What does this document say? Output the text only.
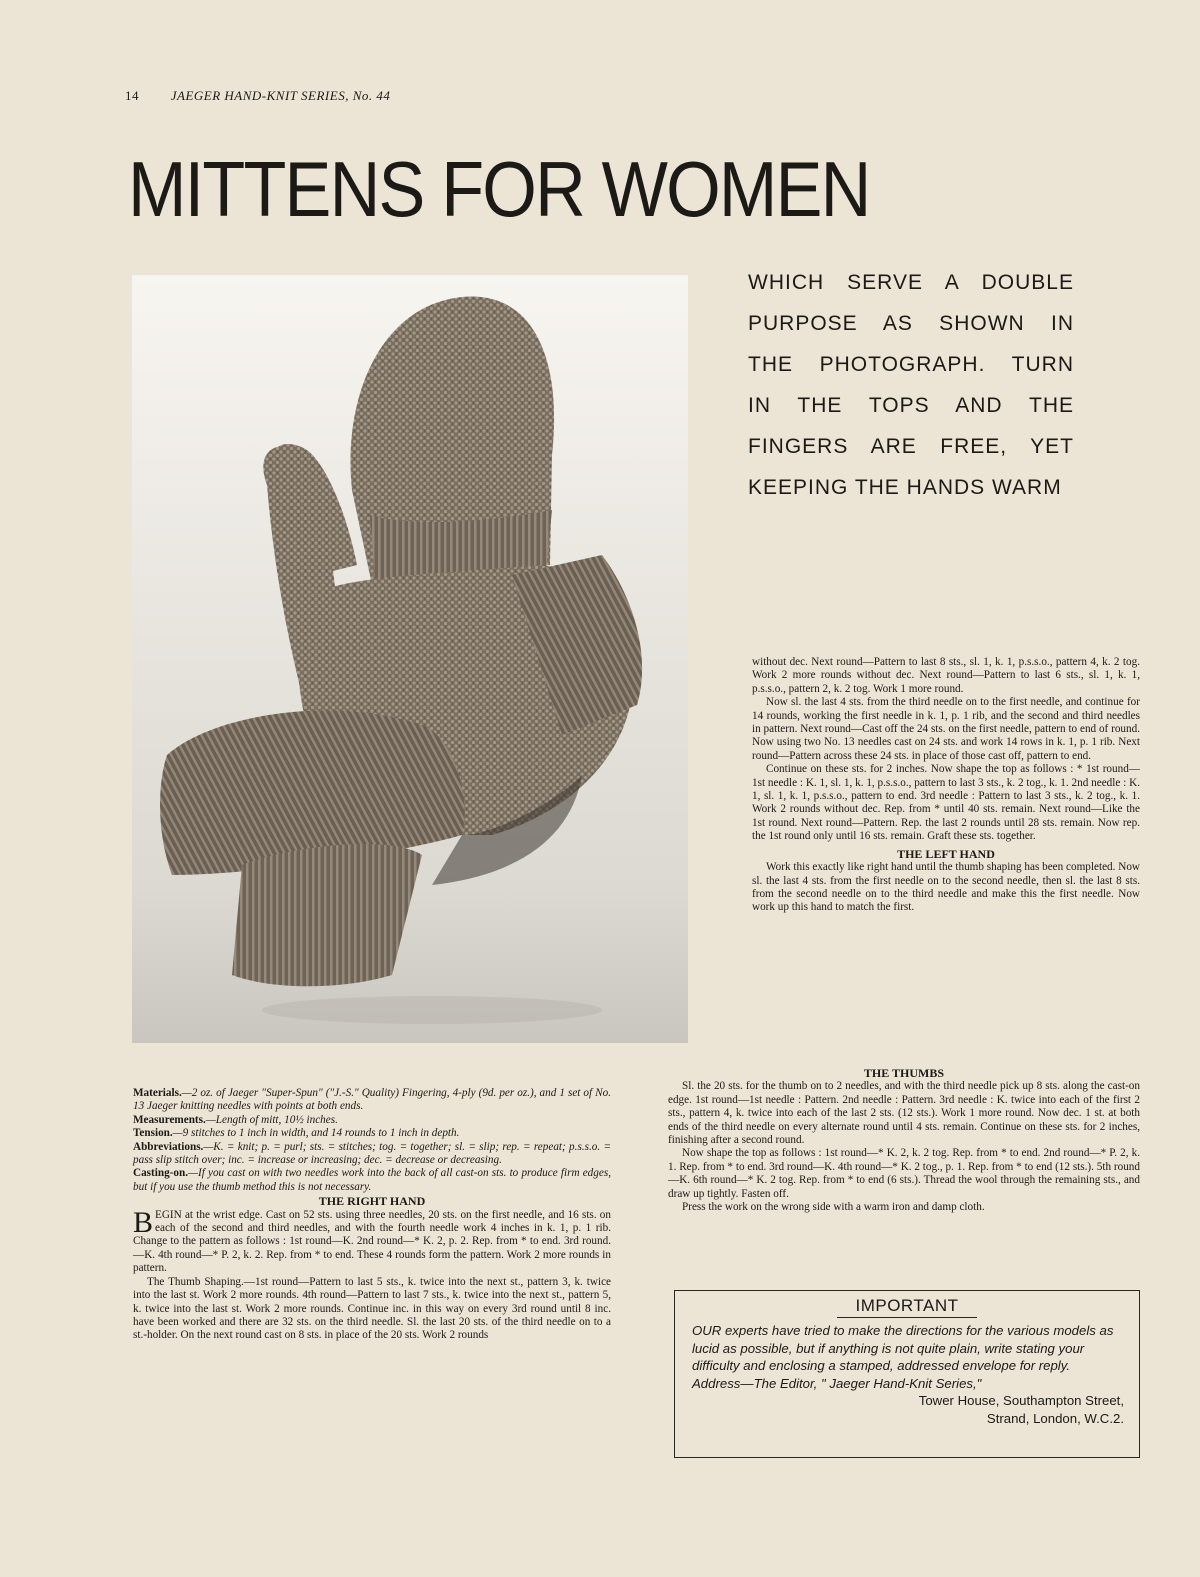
14 JAEGER HAND-KNIT SERIES, No. 44
MITTENS FOR WOMEN
WHICH SERVE A DOUBLE
PURPOSE AS SHOWN IN
THE PHOTOGRAPH. TURN
IN THE TOPS AND THE
FINGERS ARE FREE, YET
KEEPING THE HANDS WARM

Materials.—2 oz. of Jaeger "Super-Spun" ("J.-S." Quality) Fingering, 4-ply (9d. per oz.), and 1 set of No. 13 Jaeger knitting needles with points at both ends.

Measurements.—Length of mitt, 10½ inches.

Tension.—9 stitches to 1 inch in width, and 14 rounds to 1 inch in depth.

Abbreviations.—K. = knit; p. = purl; sts. = stitches; tog. = together; sl. = slip; rep. = repeat; p.s.s.o. = pass slip stitch over; inc. = increase or increasing; dec. = decrease or decreasing.

Casting-on.—If you cast on with two needles work into the back of all cast-on sts. to produce firm edges, but if you use the thumb method this is not necessary.

THE RIGHT HAND

BEGIN at the wrist edge. Cast on 52 sts. using three needles, 20 sts. on the first needle, and 16 sts. on each of the second and third needles, and with the fourth needle work 4 inches in k. 1, p. 1 rib. Change to the pattern as follows : 1st round—K. 2nd round—* K. 2, p. 2. Rep. from * to end. 3rd round.—K. 4th round—* P. 2, k. 2. Rep. from * to end. These 4 rounds form the pattern. Work 2 more rounds in pattern.

The Thumb Shaping.—1st round—Pattern to last 5 sts., k. twice into the next st., pattern 3, k. twice into the last st. Work 2 more rounds. 4th round—Pattern to last 7 sts., k. twice into the next st., pattern 5, k. twice into the last st. Work 2 more rounds. Continue inc. in this way on every 3rd round until 8 inc. have been worked and there are 32 sts. on the third needle. Sl. the last 20 sts. of the third needle on to a st.-holder. On the next round cast on 8 sts. in place of the 20 sts. Work 2 rounds

without dec. Next round—Pattern to last 8 sts., sl. 1, k. 1, p.s.s.o., pattern 4, k. 2 tog. Work 2 more rounds without dec. Next round—Pattern to last 6 sts., sl. 1, k. 1, p.s.s.o., pattern 2, k. 2 tog. Work 1 more round.

Now sl. the last 4 sts. from the third needle on to the first needle, and continue for 14 rounds, working the first needle in k. 1, p. 1 rib, and the second and third needles in pattern. Next round—Cast off the 24 sts. on the first needle, pattern to end of round. Now using two No. 13 needles cast on 24 sts. and work 14 rows in k. 1, p. 1 rib. Next round—Pattern across these 24 sts. in place of those cast off, pattern to end.

Continue on these sts. for 2 inches. Now shape the top as follows : * 1st round—1st needle : K. 1, sl. 1, k. 1, p.s.s.o., pattern to last 3 sts., k. 2 tog., k. 1. 2nd needle : K. 1, sl. 1, k. 1, p.s.s.o., pattern to end. 3rd needle : Pattern to last 3 sts., k. 2 tog., k. 1. Work 2 rounds without dec. Rep. from * until 40 sts. remain. Next round—Like the 1st round. Next round—Pattern. Rep. the last 2 rounds until 28 sts. remain. Now rep. the 1st round only until 16 sts. remain. Graft these sts. together.

THE LEFT HAND

Work this exactly like right hand until the thumb shaping has been completed. Now sl. the last 4 sts. from the first needle on to the second needle, then sl. the last 8 sts. from the second needle on to the third needle and make this the first needle. Now work up this hand to match the first.

THE THUMBS

Sl. the 20 sts. for the thumb on to 2 needles, and with the third needle pick up 8 sts. along the cast-on edge. 1st round—1st needle : Pattern. 2nd needle : Pattern. 3rd needle : K. twice into each of the first 2 sts., pattern 4, k. twice into each of the last 2 sts. (12 sts.). Work 1 more round. Now dec. 1 st. at both ends of the third needle on every alternate round until 4 sts. remain. Continue on these sts. for 2 inches, finishing after a second round.

Now shape the top as follows : 1st round—* K. 2, k. 2 tog. Rep. from * to end. 2nd round—* P. 2, k. 1. Rep. from * to end. 3rd round—K. 4th round—* K. 2 tog., p. 1. Rep. from * to end (12 sts.). 5th round—K. 6th round—* K. 2 tog. Rep. from * to end (6 sts.). Thread the wool through the remaining sts., and draw up tightly. Fasten off.

Press the work on the wrong side with a warm iron and damp cloth.

IMPORTANT
OUR experts have tried to make the directions for the various models as lucid as possible, but if anything is not quite plain, write stating your difficulty and enclosing a stamped, addressed envelope for reply.
Address—The Editor, " Jaeger Hand-Knit Series,"
Tower House, Southampton Street,
Strand, London, W.C.2.
